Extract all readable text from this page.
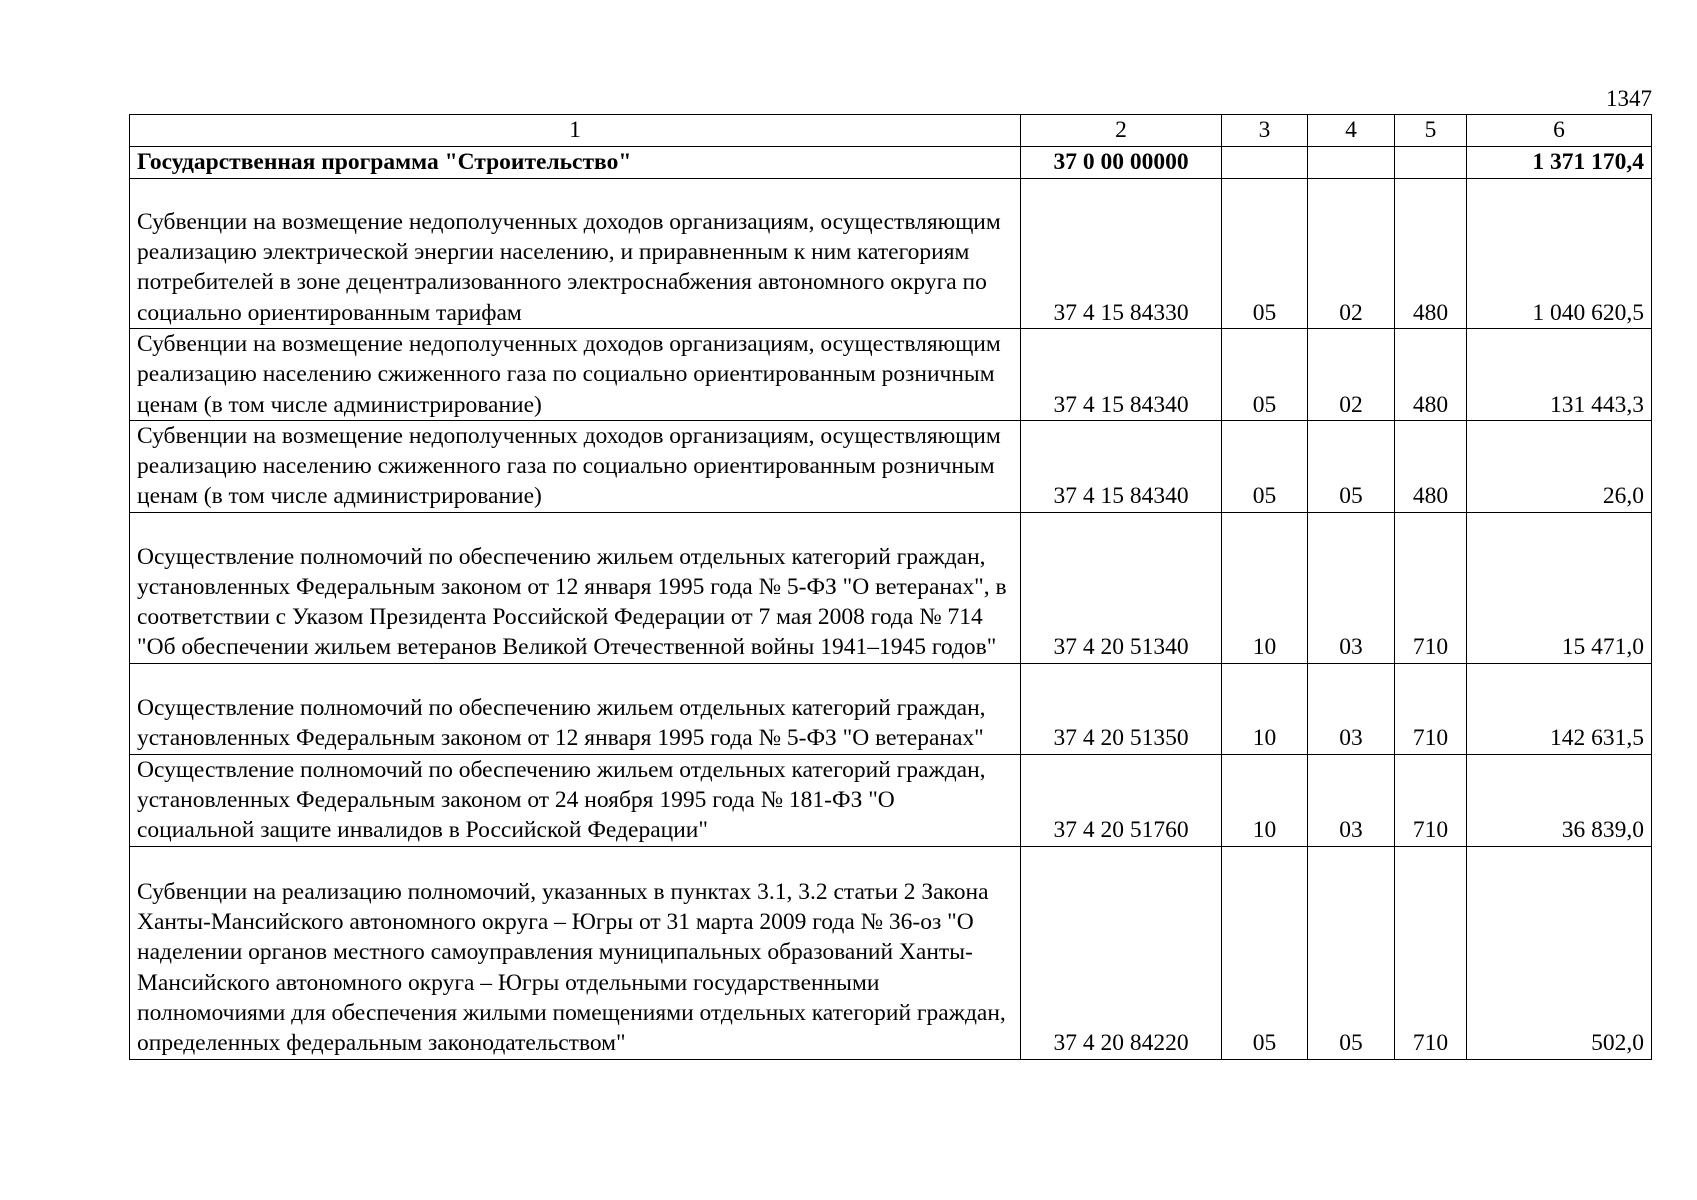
1347
1	2	3	4	5	6
Государственная программа "Строительство"	37 0 00 00000				1 371 170,4
Субвенции на возмещение недополученных доходов организациям, осуществляющим реализацию электрической энергии населению, и приравненным к ним категориям потребителей в зоне децентрализованного электроснабжения автономного округа по социально ориентированным тарифам	37 4 15 84330	05	02	480	1 040 620,5
Субвенции на возмещение недополученных доходов организациям, осуществляющим реализацию населению сжиженного газа по социально ориентированным розничным ценам (в том числе администрирование)	37 4 15 84340	05	02	480	131 443,3
Субвенции на возмещение недополученных доходов организациям, осуществляющим реализацию населению сжиженного газа по социально ориентированным розничным ценам (в том числе администрирование)	37 4 15 84340	05	05	480	26,0
Осуществление полномочий по обеспечению жильем отдельных категорий граждан, установленных Федеральным законом от 12 января 1995 года № 5-ФЗ "О ветеранах", в соответствии с Указом Президента Российской Федерации от 7 мая 2008 года № 714 "Об обеспечении жильем ветеранов Великой Отечественной войны 1941–1945 годов"	37 4 20 51340	10	03	710	15 471,0
Осуществление полномочий по обеспечению жильем отдельных категорий граждан, установленных Федеральным законом от 12 января 1995 года № 5-ФЗ "О ветеранах"	37 4 20 51350	10	03	710	142 631,5
Осуществление полномочий по обеспечению жильем отдельных категорий граждан, установленных Федеральным законом от 24 ноября 1995 года № 181-ФЗ "О социальной защите инвалидов в Российской Федерации"	37 4 20 51760	10	03	710	36 839,0
Субвенции на реализацию полномочий, указанных в пунктах 3.1, 3.2 статьи 2 Закона Ханты-Мансийского автономного округа – Югры от 31 марта 2009 года № 36-оз "О наделении органов местного самоуправления муниципальных образований Ханты-Мансийского автономного округа – Югры отдельными государственными полномочиями для обеспечения жилыми помещениями отдельных категорий граждан, определенных федеральным законодательством"	37 4 20 84220	05	05	710	502,0
